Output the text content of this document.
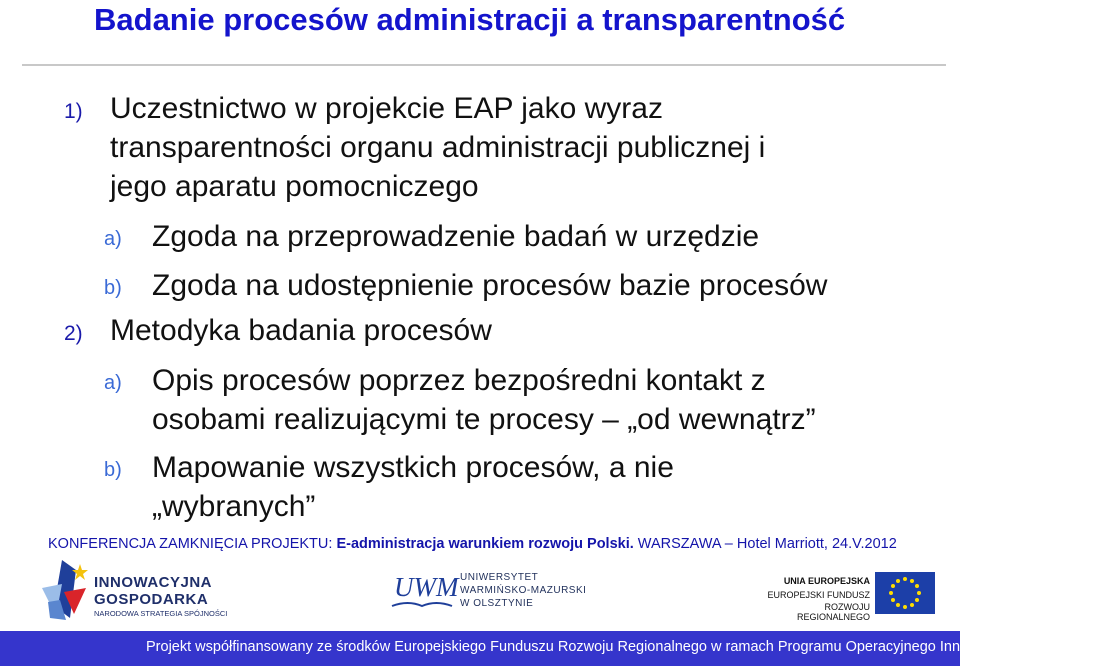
Badanie procesów administracji a transparentność
1) Uczestnictwo w projekcie EAP jako wyraz
transparentności organu administracji publicznej i
jego aparatu pomocniczego
a) Zgoda na przeprowadzenie badań w urzędzie
b) Zgoda na udostępnienie procesów bazie procesów
2) Metodyka badania procesów
a) Opis procesów poprzez bezpośredni kontakt z
osobami realizującymi te procesy – „od wewnątrz”
b) Mapowanie wszystkich procesów, a nie
„wybranych”
KONFERENCJA ZAMKNIĘCIA PROJEKTU: E-administracja warunkiem rozwoju Polski. WARSZAWA – Hotel Marriott, 24.V.2012
INNOWACYJNA
GOSPODARKA
NARODOWA STRATEGIA SPÓJNOŚCI
UWM UNIWERSYTET
WARMIŃSKO-MAZURSKI
W OLSZTYNIE
UNIA EUROPEJSKA
EUROPEJSKI FUNDUSZ
ROZWOJU REGIONALNEGO
Projekt współfinansowany ze środków Europejskiego Funduszu Rozwoju Regionalnego w ramach Programu Operacyjnego Innowacyjna Gospodarka
